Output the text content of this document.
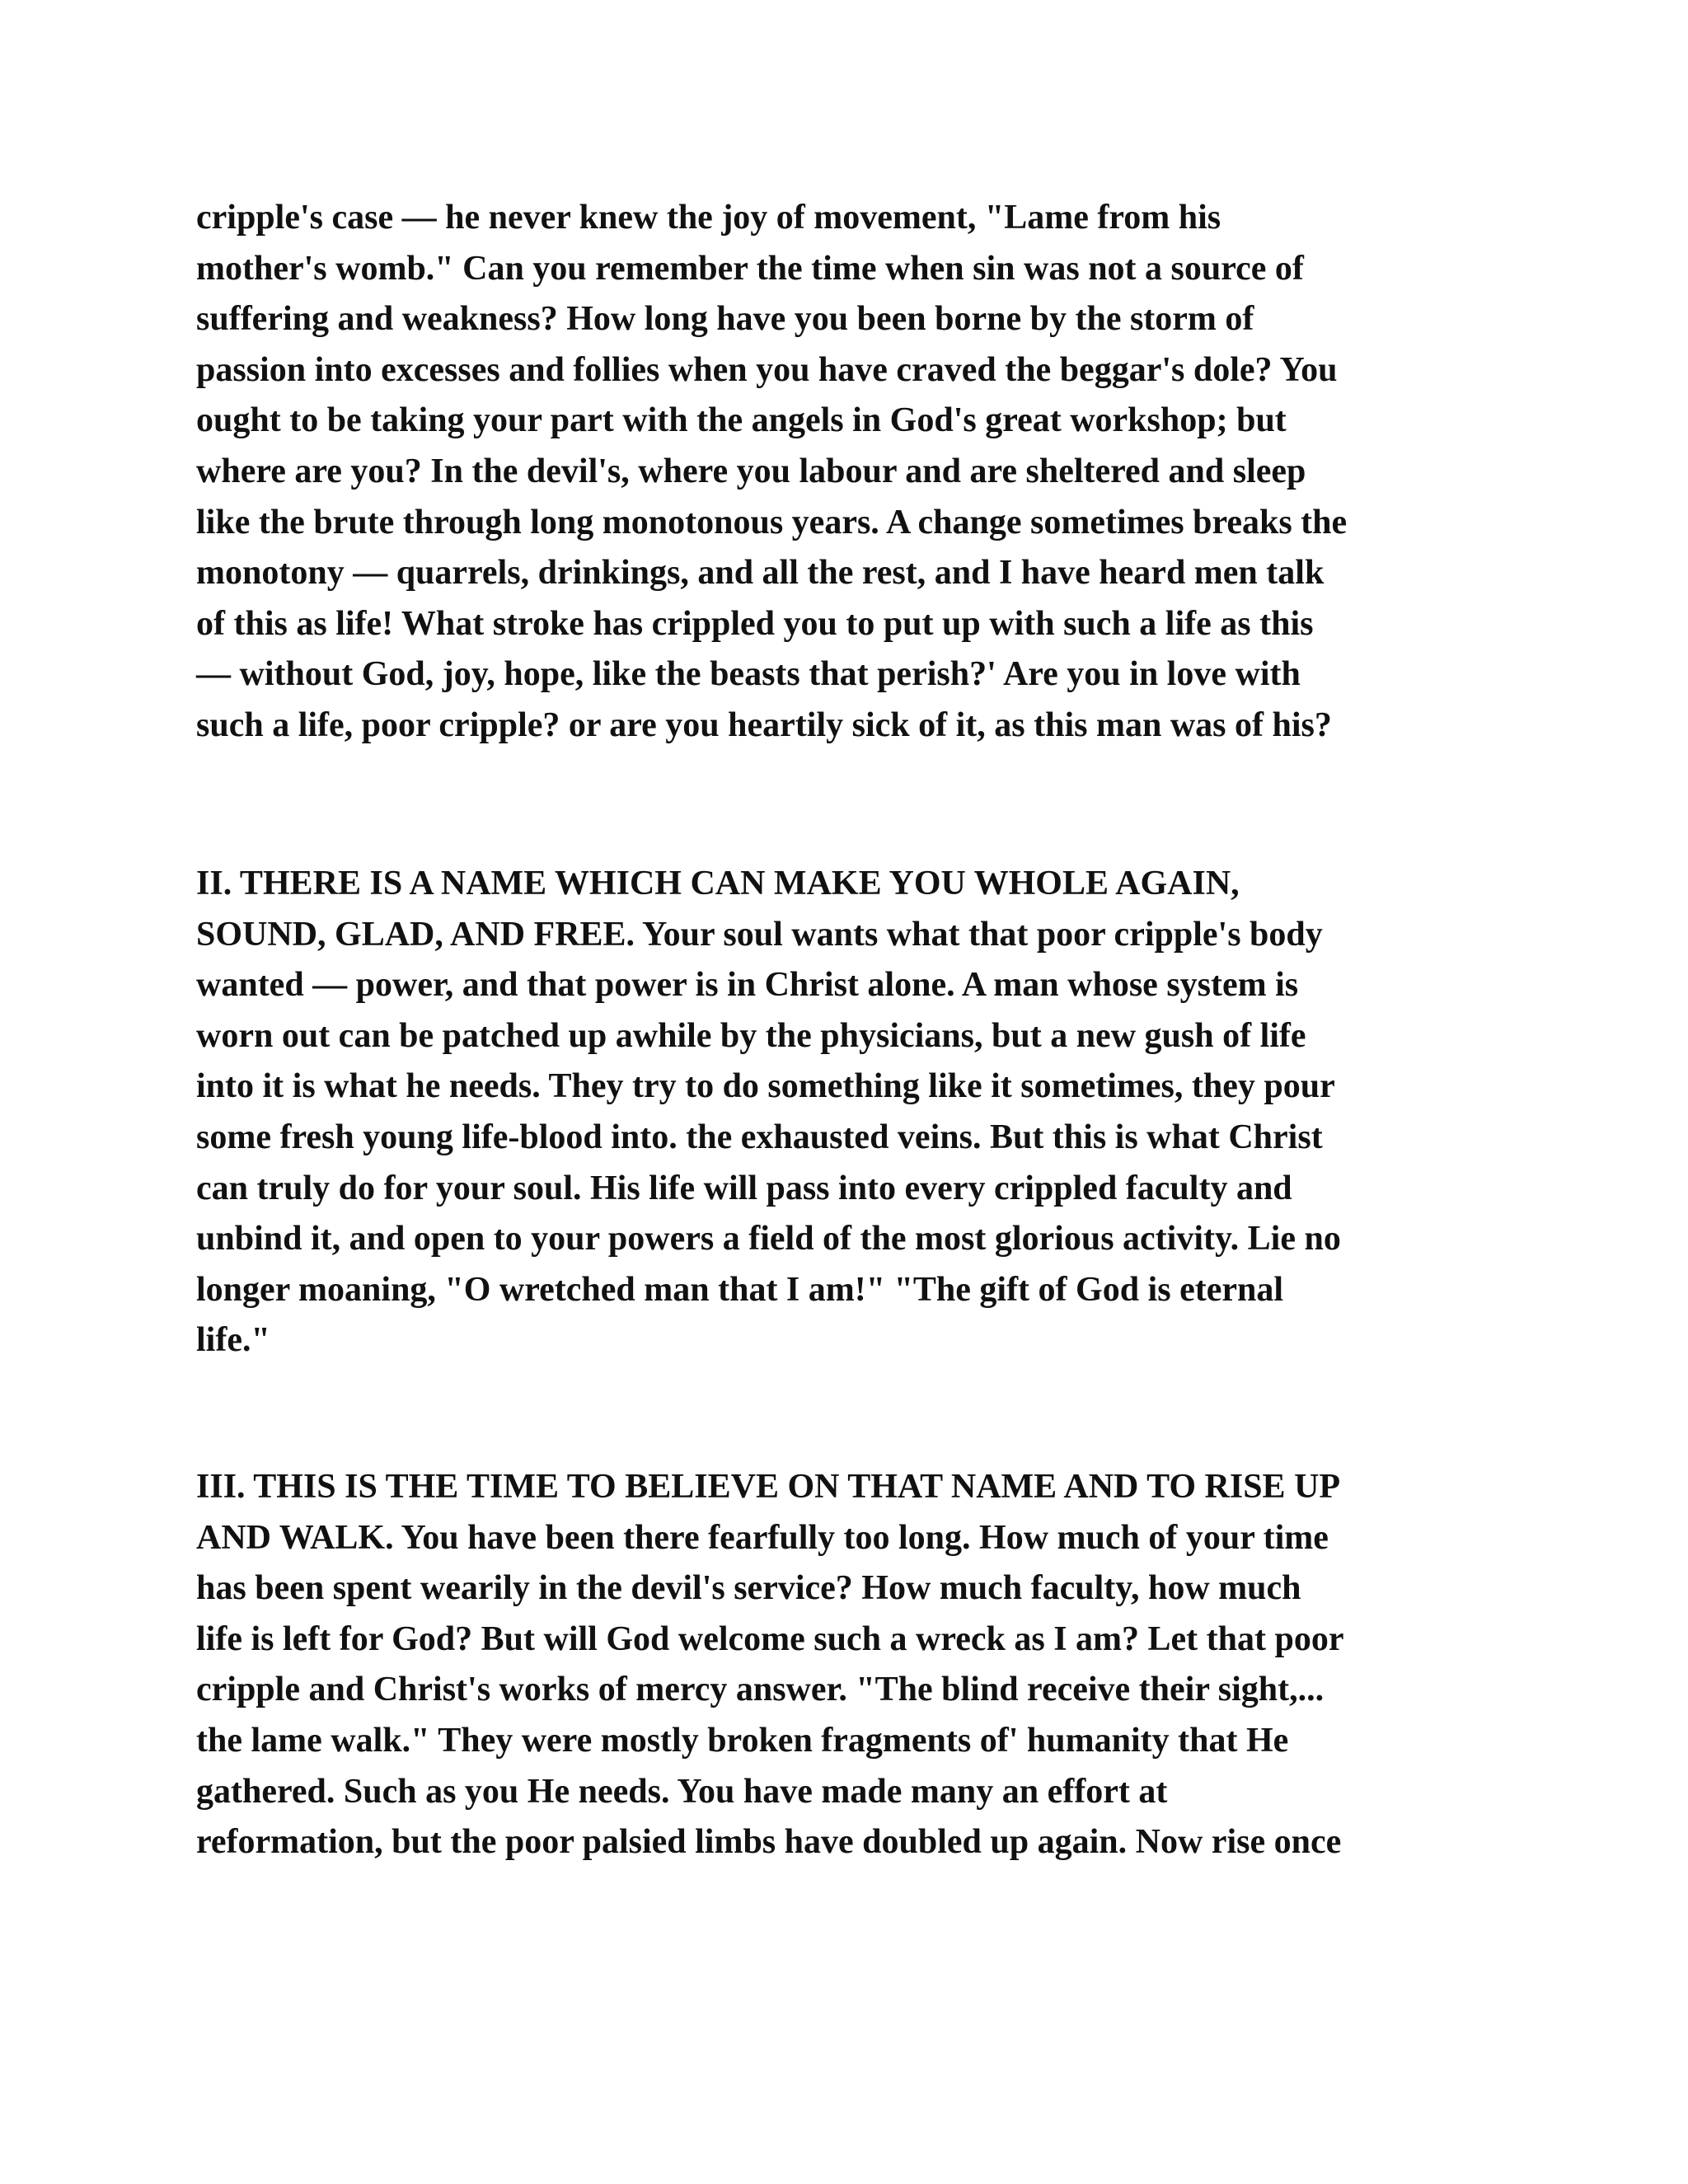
cripple's case — he never knew the joy of movement, "Lame from his
mother's womb." Can you remember the time when sin was not a source of
suffering and weakness? How long have you been borne by the storm of
passion into excesses and follies when you have craved the beggar's dole? You
ought to be taking your part with the angels in God's great workshop; but
where are you? In the devil's, where you labour and are sheltered and sleep
like the brute through long monotonous years. A change sometimes breaks the
monotony — quarrels, drinkings, and all the rest, and I have heard men talk
of this as life! What stroke has crippled you to put up with such a life as this
— without God, joy, hope, like the beasts that perish?' Are you in love with
such a life, poor cripple? or are you heartily sick of it, as this man was of his?
II. THERE IS A NAME WHICH CAN MAKE YOU WHOLE AGAIN,
SOUND, GLAD, AND FREE. Your soul wants what that poor cripple's body
wanted — power, and that power is in Christ alone. A man whose system is
worn out can be patched up awhile by the physicians, but a new gush of life
into it is what he needs. They try to do something like it sometimes, they pour
some fresh young life-blood into. the exhausted veins. But this is what Christ
can truly do for your soul. His life will pass into every crippled faculty and
unbind it, and open to your powers a field of the most glorious activity. Lie no
longer moaning, "O wretched man that I am!" "The gift of God is eternal
life."
III. THIS IS THE TIME TO BELIEVE ON THAT NAME AND TO RISE UP
AND WALK. You have been there fearfully too long. How much of your time
has been spent wearily in the devil's service? How much faculty, how much
life is left for God? But will God welcome such a wreck as I am? Let that poor
cripple and Christ's works of mercy answer. "The blind receive their sight,...
the lame walk." They were mostly broken fragments of' humanity that He
gathered. Such as you He needs. You have made many an effort at
reformation, but the poor palsied limbs have doubled up again. Now rise once
